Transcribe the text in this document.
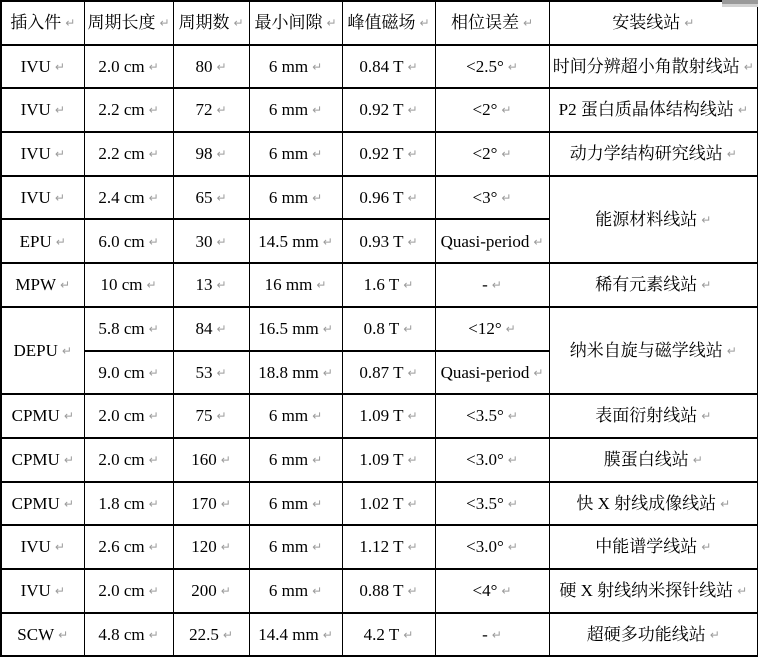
插入件 ↵	周期长度 ↵	周期数 ↵	最小间隙 ↵	峰值磁场 ↵	相位误差 ↵	安装线站 ↵
IVU ↵	2.0 cm ↵	80 ↵	6 mm ↵	0.84 T ↵	<2.5° ↵	时间分辨超小角散射线站 ↵
IVU ↵	2.2 cm ↵	72 ↵	6 mm ↵	0.92 T ↵	<2° ↵	P2 蛋白质晶体结构线站 ↵
IVU ↵	2.2 cm ↵	98 ↵	6 mm ↵	0.92 T ↵	<2° ↵	动力学结构研究线站 ↵
IVU ↵	2.4 cm ↵	65 ↵	6 mm ↵	0.96 T ↵	<3° ↵	能源材料线站 ↵
EPU ↵	6.0 cm ↵	30 ↵	14.5 mm ↵	0.93 T ↵	Quasi-period ↵	
MPW ↵	10 cm ↵	13 ↵	16 mm ↵	1.6 T ↵	- ↵	稀有元素线站 ↵
DEPU ↵	5.8 cm ↵	84 ↵	16.5 mm ↵	0.8 T ↵	<12° ↵	纳米自旋与磁学线站 ↵
	9.0 cm ↵	53 ↵	18.8 mm ↵	0.87 T ↵	Quasi-period ↵	
CPMU ↵	2.0 cm ↵	75 ↵	6 mm ↵	1.09 T ↵	<3.5° ↵	表面衍射线站 ↵
CPMU ↵	2.0 cm ↵	160 ↵	6 mm ↵	1.09 T ↵	<3.0° ↵	膜蛋白线站 ↵
CPMU ↵	1.8 cm ↵	170 ↵	6 mm ↵	1.02 T ↵	<3.5° ↵	快 X 射线成像线站 ↵
IVU ↵	2.6 cm ↵	120 ↵	6 mm ↵	1.12 T ↵	<3.0° ↵	中能谱学线站 ↵
IVU ↵	2.0 cm ↵	200 ↵	6 mm ↵	0.88 T ↵	<4° ↵	硬 X 射线纳米探针线站 ↵
SCW ↵	4.8 cm ↵	22.5 ↵	14.4 mm ↵	4.2 T ↵	- ↵	超硬多功能线站 ↵
